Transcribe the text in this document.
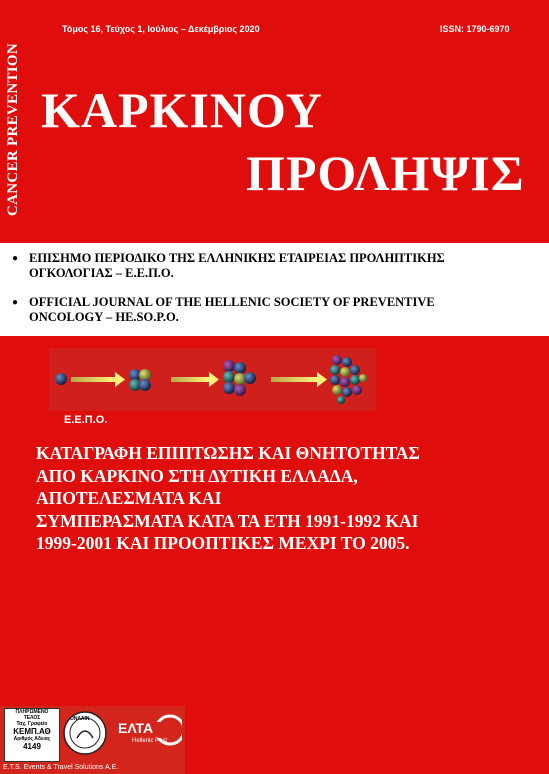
CANCER PREVENTION
Τόμος 16, Τεύχος 1, Ιούλιος – Δεκέμβριος 2020	ISSN: 1790-6970
ΚΑΡΚΙΝΟΥ
ΠΡΟΛΗΨΙΣ
● ΕΠΙΣΗΜΟ ΠΕΡΙΟΔΙΚΟ ΤΗΣ ΕΛΛΗΝΙΚΗΣ ΕΤΑΙΡΕΙΑΣ ΠΡΟΛΗΠΤΙΚΗΣ
ΟΓΚΟΛΟΓΙΑΣ – Ε.Ε.Π.Ο.
● OFFICIAL JOURNAL OF THE HELLENIC SOCIETY OF PREVENTIVE
ONCOLOGY – HE.SO.P.O.
Ε.Ε.Π.Ο.
ΚΑΤΑΓΡΑΦΗ ΕΠΙΠΤΩΣΗΣ ΚΑΙ ΘΝΗΤΟΤΗΤΑΣ
ΑΠΟ ΚΑΡΚΙΝΟ ΣΤΗ ΔΥΤΙΚΗ ΕΛΛΑΔΑ,
ΑΠΟΤΕΛΕΣΜΑΤΑ ΚΑΙ
ΣΥΜΠΕΡΑΣΜΑΤΑ ΚΑΤΑ ΤΑ ΕΤΗ 1991-1992 ΚΑΙ
1999-2001 ΚΑΙ ΠΡΟΟΠΤΙΚΕΣ ΜΕΧΡΙ ΤΟ 2005.
ΠΛΗΡΩΜΕΝΟ
ΤΕΛΟΣ
Ταχ. Γραφείο
ΚΕΜΠ.ΑΘ
Αριθμός Αδειας
4149
ΕΛΤΑ
Hellenic Post
ΟΝΛΑΙΝ
E.T.S. Events & Travel Solutions A.E.
